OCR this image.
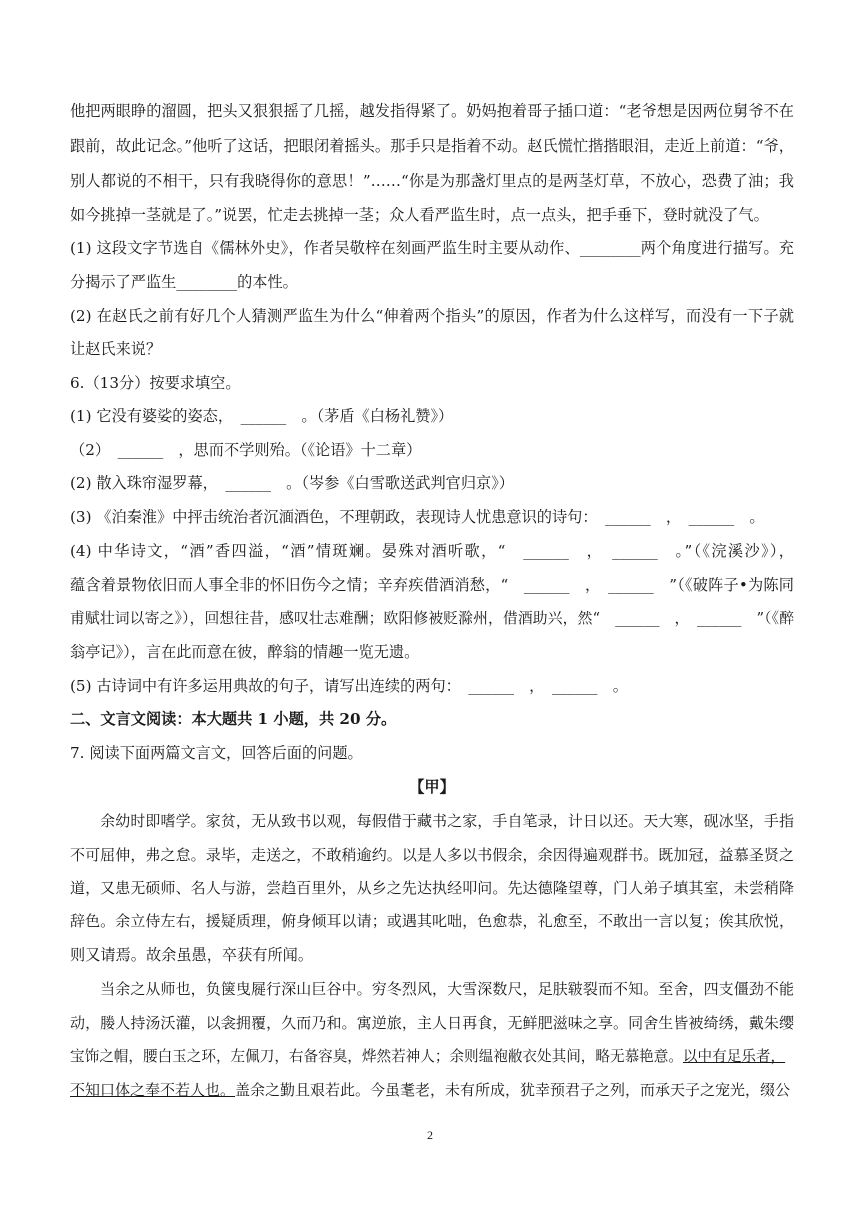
他把两眼睁的溜圆，把头又狠狠摇了几摇，越发指得紧了。奶妈抱着哥子插口道：“老爷想是因两位舅爷不在
跟前，故此记念。”他听了这话，把眼闭着摇头。那手只是指着不动。赵氏慌忙揩揩眼泪，走近上前道：“爷，
别人都说的不相干，只有我晓得你的意思！”……“你是为那盏灯里点的是两茎灯草，不放心，恐费了油；我
如今挑掉一茎就是了。”说罢，忙走去挑掉一茎；众人看严监生时，点一点头，把手垂下，登时就没了气。
(1) 这段文字节选自《儒林外史》，作者吴敬梓在刻画严监生时主要从动作、________两个角度进行描写。充
分揭示了严监生________的本性。
(2) 在赵氏之前有好几个人猜测严监生为什么“伸着两个指头”的原因，作者为什么这样写，而没有一下子就
让赵氏来说？
6.（13分）按要求填空。
(1) 它没有婆娑的姿态，　______　。（茅盾《白杨礼赞》）
（2）　______　，思而不学则殆。（《论语》十二章）
(2) 散入珠帘湿罗幕，　______　。（岑参《白雪歌送武判官归京》）
(3) 《泊秦淮》中抨击统治者沉湎酒色，不理朝政，表现诗人忧患意识的诗句：　______　，　______　。
(4) 中华诗文，“酒”香四溢，“酒”情斑斓。晏殊对酒听歌，“　______　，　______　。”（《浣溪沙》），
蕴含着景物依旧而人事全非的怀旧伤今之情；辛弃疾借酒消愁，“　______　，　______　”（《破阵子•为陈同
甫赋壮词以寄之》），回想往昔，感叹壮志难酬；欧阳修被贬滁州，借酒助兴，然“　______　，　______　”（《醉
翁亭记》），言在此而意在彼，醉翁的情趣一览无遗。
(5) 古诗词中有许多运用典故的句子，请写出连续的两句：　______　，　______　。
二、文言文阅读：本大题共 1 小题，共 20 分。
7. 阅读下面两篇文言文，回答后面的问题。
【甲】
　　余幼时即嗜学。家贫，无从致书以观，每假借于藏书之家，手自笔录，计日以还。天大寒，砚冰坚，手指
不可屈伸，弗之怠。录毕，走送之，不敢稍逾约。以是人多以书假余，余因得遍观群书。既加冠，益慕圣贤之
道，又患无硕师、名人与游，尝趋百里外，从乡之先达执经叩问。先达德隆望尊，门人弟子填其室，未尝稍降
辞色。余立侍左右，援疑质理，俯身倾耳以请；或遇其叱咄，色愈恭，礼愈至，不敢出一言以复；俟其欣悦，
则又请焉。故余虽愚，卒获有所闻。
　　当余之从师也，负箧曳屣行深山巨谷中。穷冬烈风，大雪深数尺，足肤皲裂而不知。至舍，四支僵劲不能
动，媵人持汤沃灌，以衾拥覆，久而乃和。寓逆旅，主人日再食，无鲜肥滋味之享。同舍生皆被绮绣，戴朱缨
宝饰之帽，腰白玉之环，左佩刀，右备容臭，烨然若神人；余则缊袍敝衣处其间，略无慕艳意。以中有足乐者，
不知口体之奉不若人也。盖余之勤且艰若此。今虽耄老，未有所成，犹幸预君子之列，而承天子之宠光，缀公
2
